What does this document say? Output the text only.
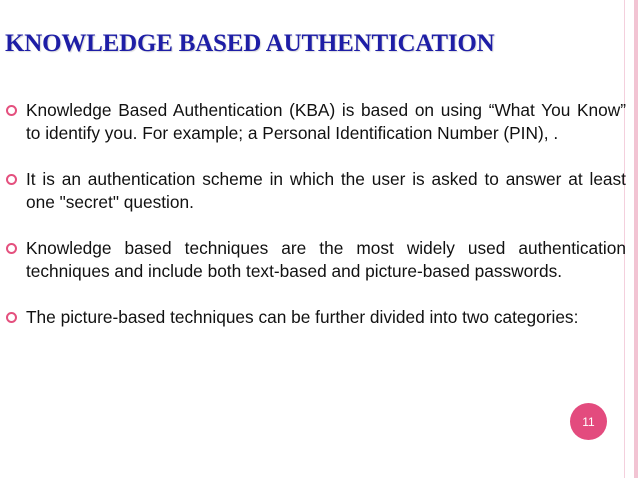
KNOWLEDGE BASED AUTHENTICATION
11
Knowledge Based Authentication (KBA) is based on using “What You Know” to identify you. For example; a Personal Identification Number (PIN), .
It is an authentication scheme in which the user is asked to answer at least one "secret" question.
Knowledge based techniques are the most widely used authentication techniques and include both text-based and picture-based passwords.
The picture-based techniques can be further divided into two categories:
